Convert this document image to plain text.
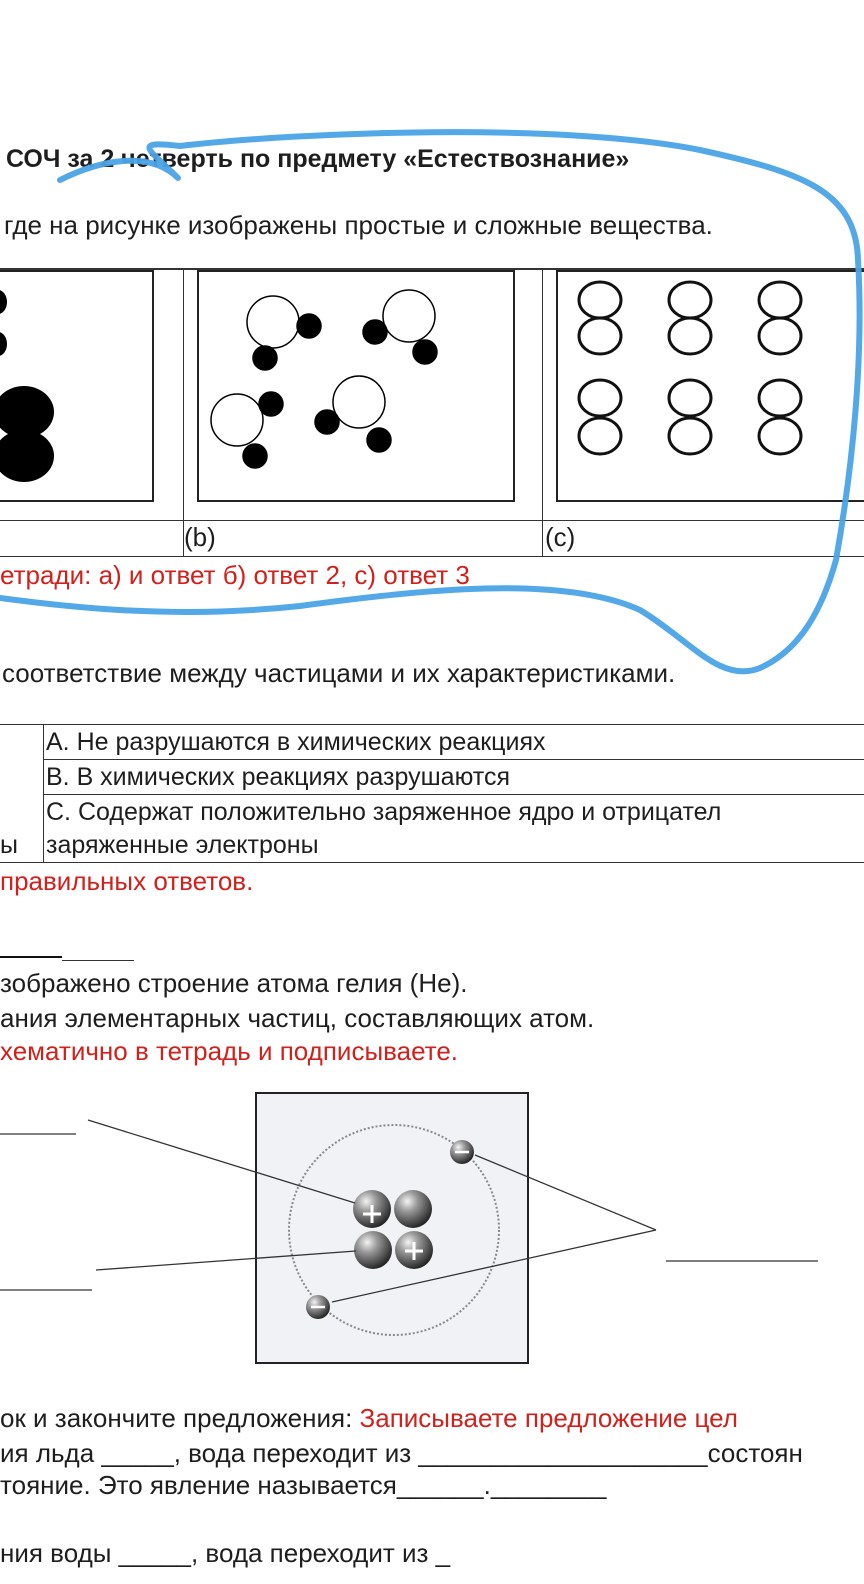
СОЧ за 2 четверть по предмету «Естествознание»
где на рисунке изображены простые и сложные вещества.
(b)	(c)
етради: а) и ответ б) ответ 2, с) ответ 3
соответствие между частицами и их характеристиками.
А. Не разрушаются в химических реакциях
В. В химических реакциях разрушаются
С. Содержат положительно заряженное ядро и отрицател
заряженные электроны
ы
правильных ответов.
зображено строение атома гелия (He).
ания элементарных частиц, составляющих атом.
хематично в тетрадь и подписываете.
ок и закончите предложения: Записываете предложение цел
ия льда _____, вода переходит из ____________________состоян
тояние. Это явление называется______.________
ния воды _____, вода переходит из _
